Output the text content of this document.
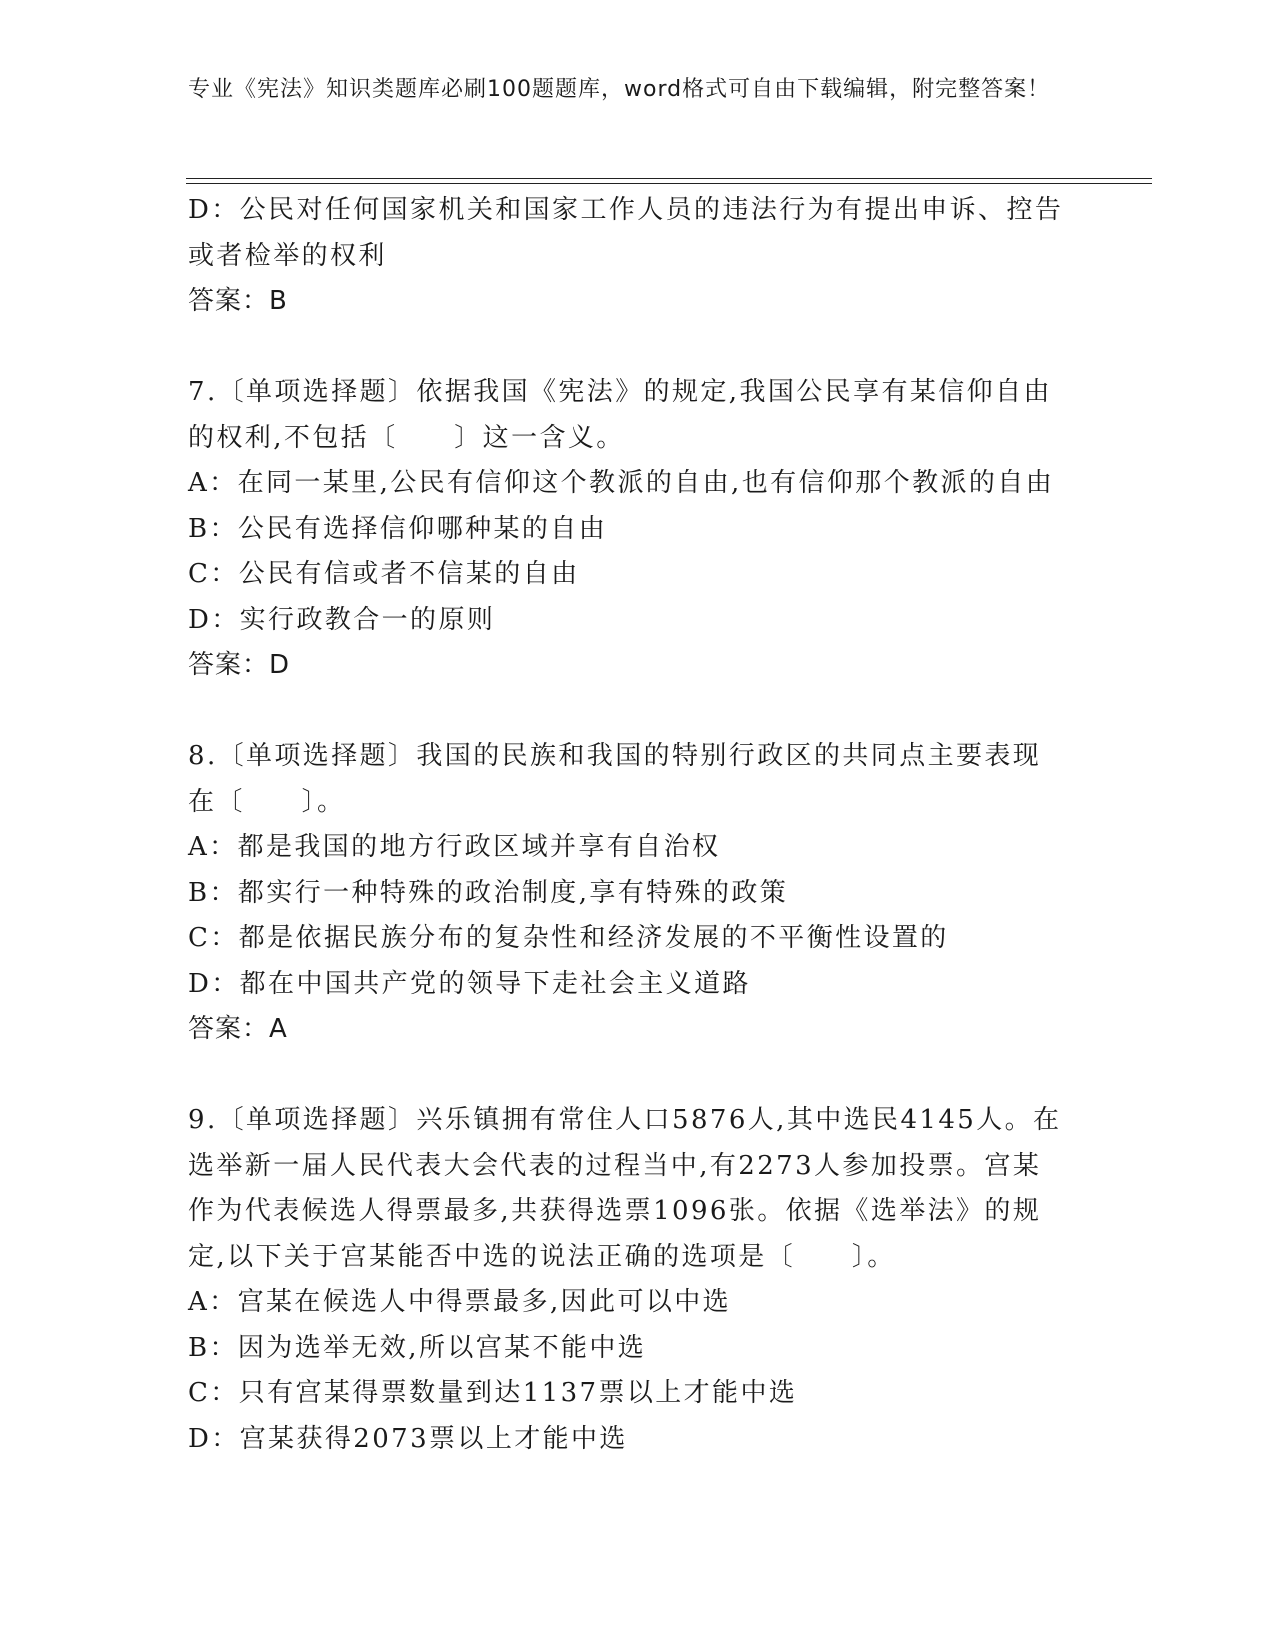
专业《宪法》知识类题库必刷100题题库，word格式可自由下载编辑，附完整答案！
D：公民对任何国家机关和国家工作人员的违法行为有提出申诉、控告
或者检举的权利
答案：B
7.〔单项选择题〕依据我国《宪法》的规定,我国公民享有某信仰自由
的权利,不包括〔　　〕这一含义。
A：在同一某里,公民有信仰这个教派的自由,也有信仰那个教派的自由
B：公民有选择信仰哪种某的自由
C：公民有信或者不信某的自由
D：实行政教合一的原则
答案：D
8.〔单项选择题〕我国的民族和我国的特别行政区的共同点主要表现
在〔　　〕。
A：都是我国的地方行政区域并享有自治权
B：都实行一种特殊的政治制度,享有特殊的政策
C：都是依据民族分布的复杂性和经济发展的不平衡性设置的
D：都在中国共产党的领导下走社会主义道路
答案：A
9.〔单项选择题〕兴乐镇拥有常住人口5876人,其中选民4145人。在
选举新一届人民代表大会代表的过程当中,有2273人参加投票。宫某
作为代表候选人得票最多,共获得选票1096张。依据《选举法》的规
定,以下关于宫某能否中选的说法正确的选项是〔　　〕。
A：宫某在候选人中得票最多,因此可以中选
B：因为选举无效,所以宫某不能中选
C：只有宫某得票数量到达1137票以上才能中选
D：宫某获得2073票以上才能中选
